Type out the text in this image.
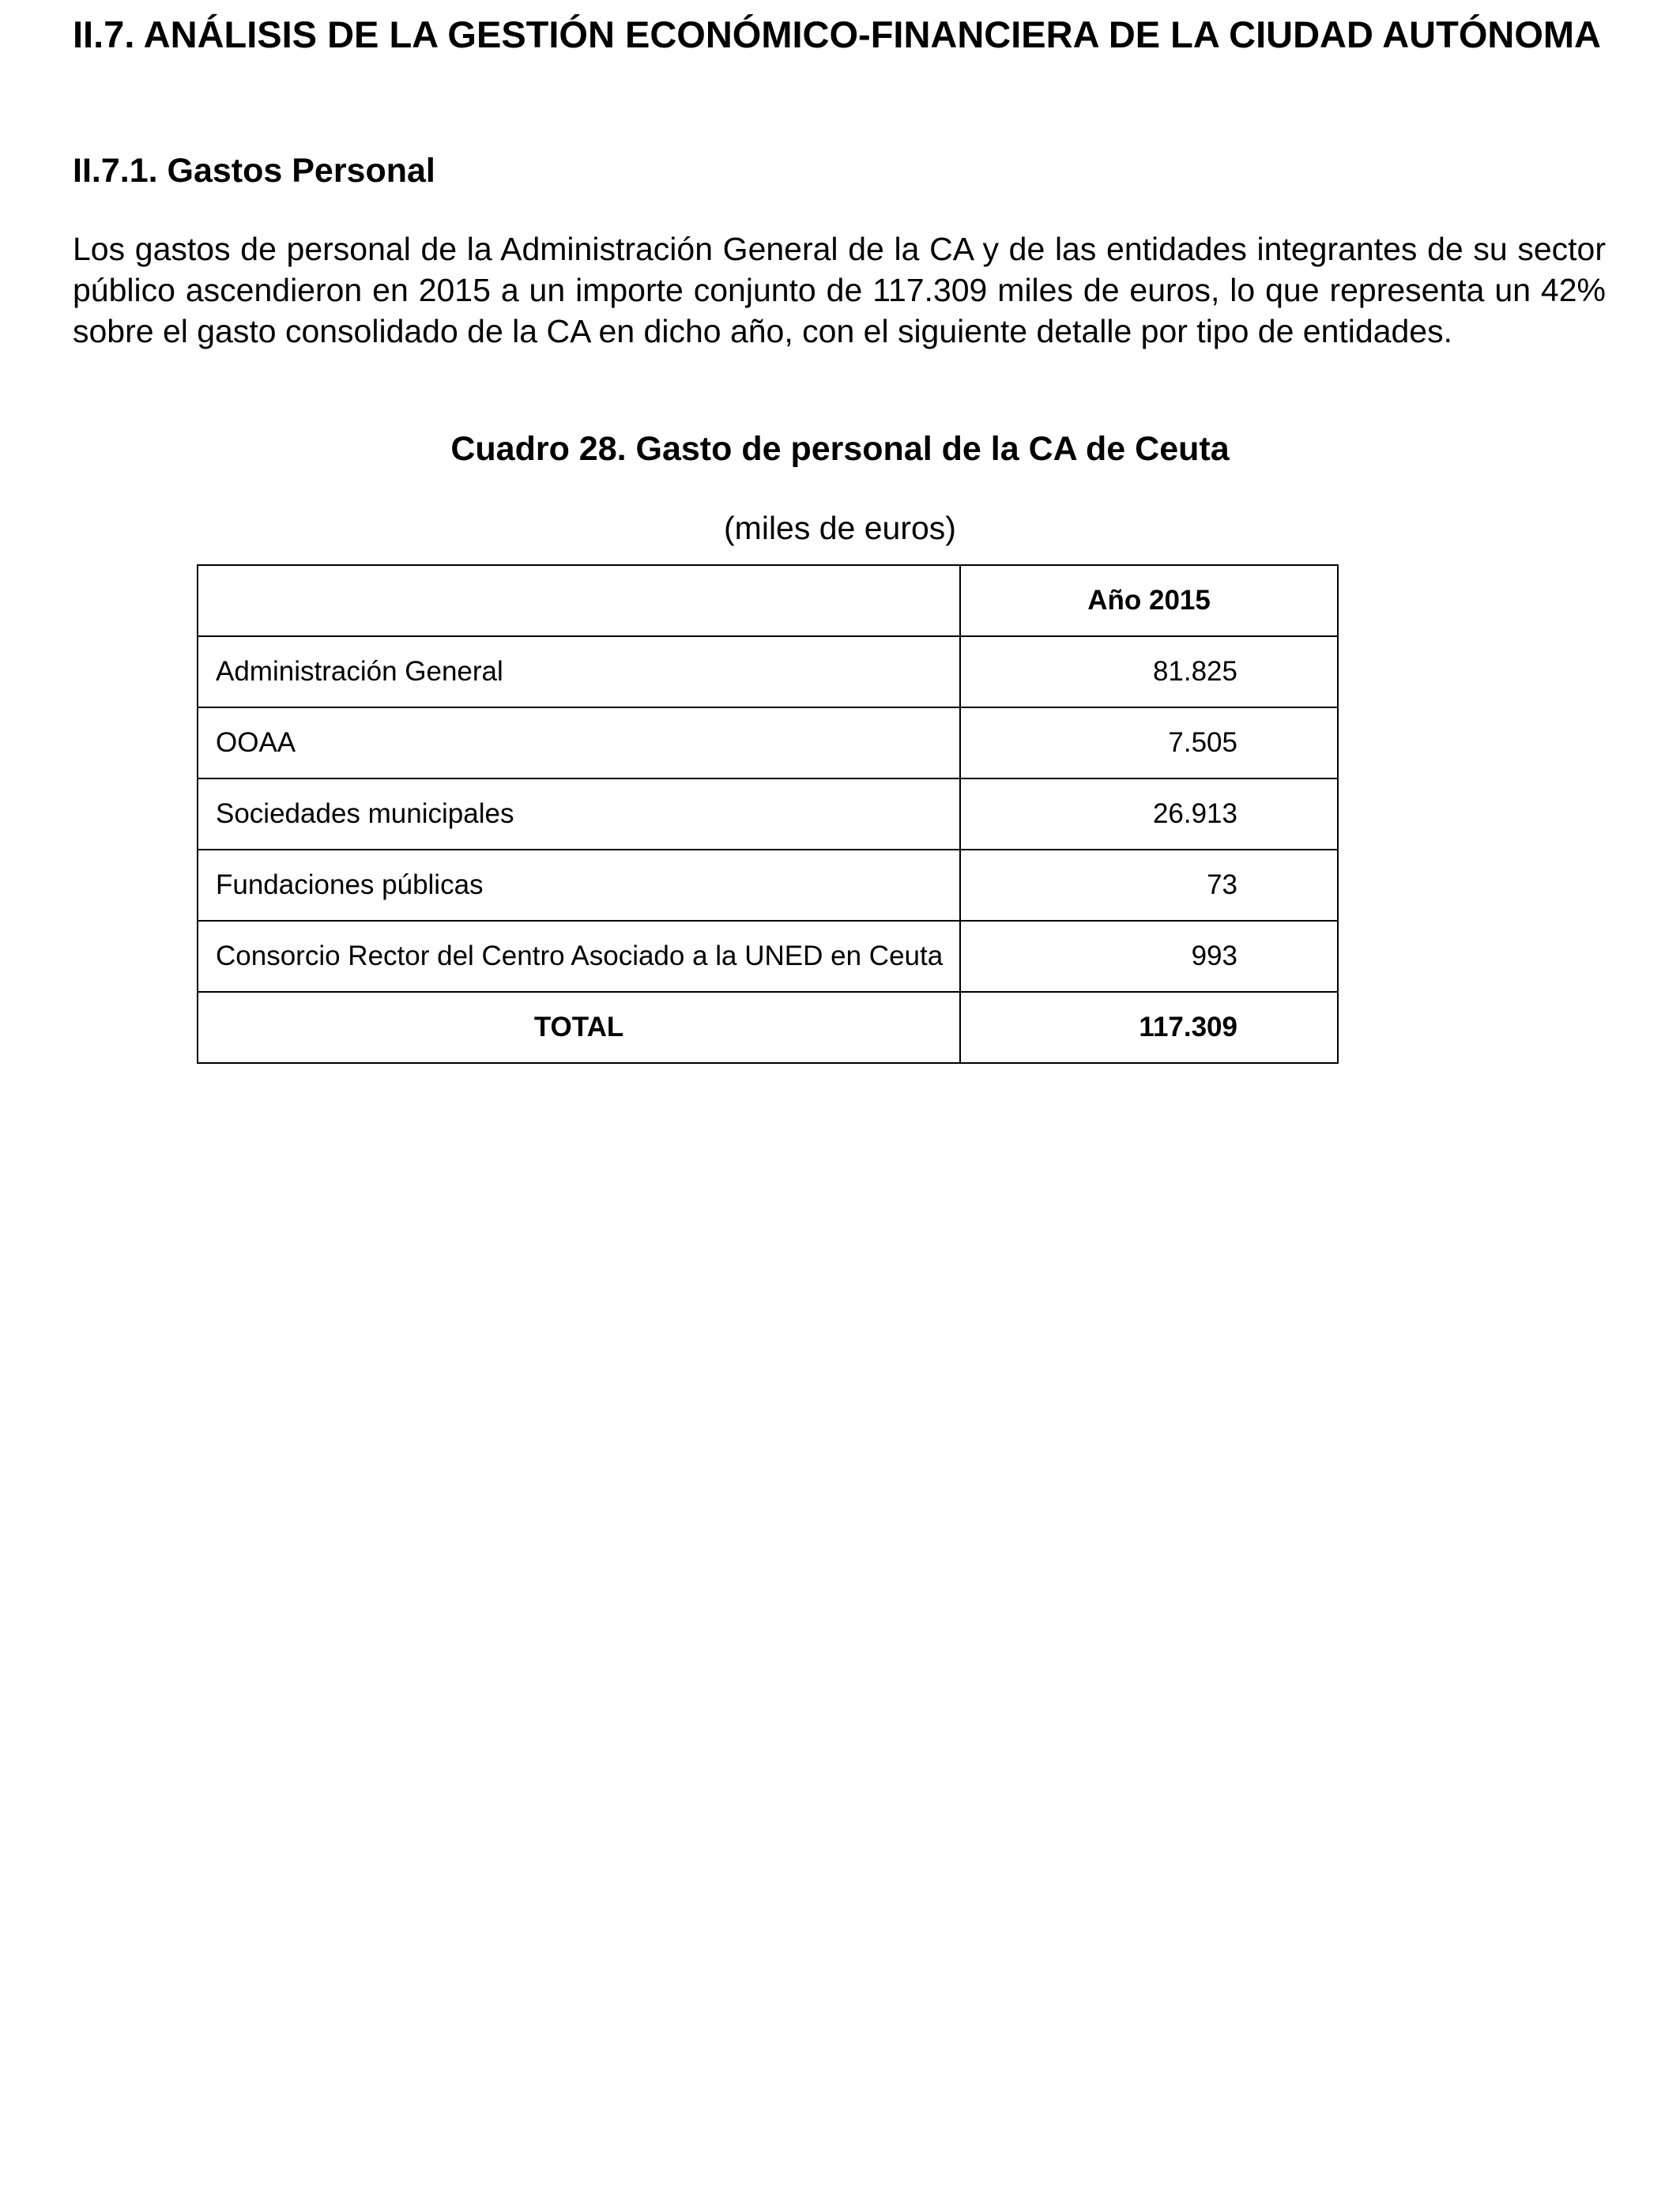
II.7. ANÁLISIS DE LA GESTIÓN ECONÓMICO-FINANCIERA DE LA CIUDAD AUTÓNOMA
II.7.1. Gastos Personal

Los gastos de personal de la Administración General de la CA y de las entidades integrantes de su sector público ascendieron en 2015 a un importe conjunto de 117.309 miles de euros, lo que representa un 42% sobre el gasto consolidado de la CA en dicho año, con el siguiente detalle por tipo de entidades.

Cuadro 28. Gasto de personal de la CA de Ceuta
(miles de euros)
	Año 2015
Administración General	81.825
OOAA	7.505
Sociedades municipales	26.913
Fundaciones públicas	73
Consorcio Rector del Centro Asociado a la UNED en Ceuta	993
TOTAL	117.309
